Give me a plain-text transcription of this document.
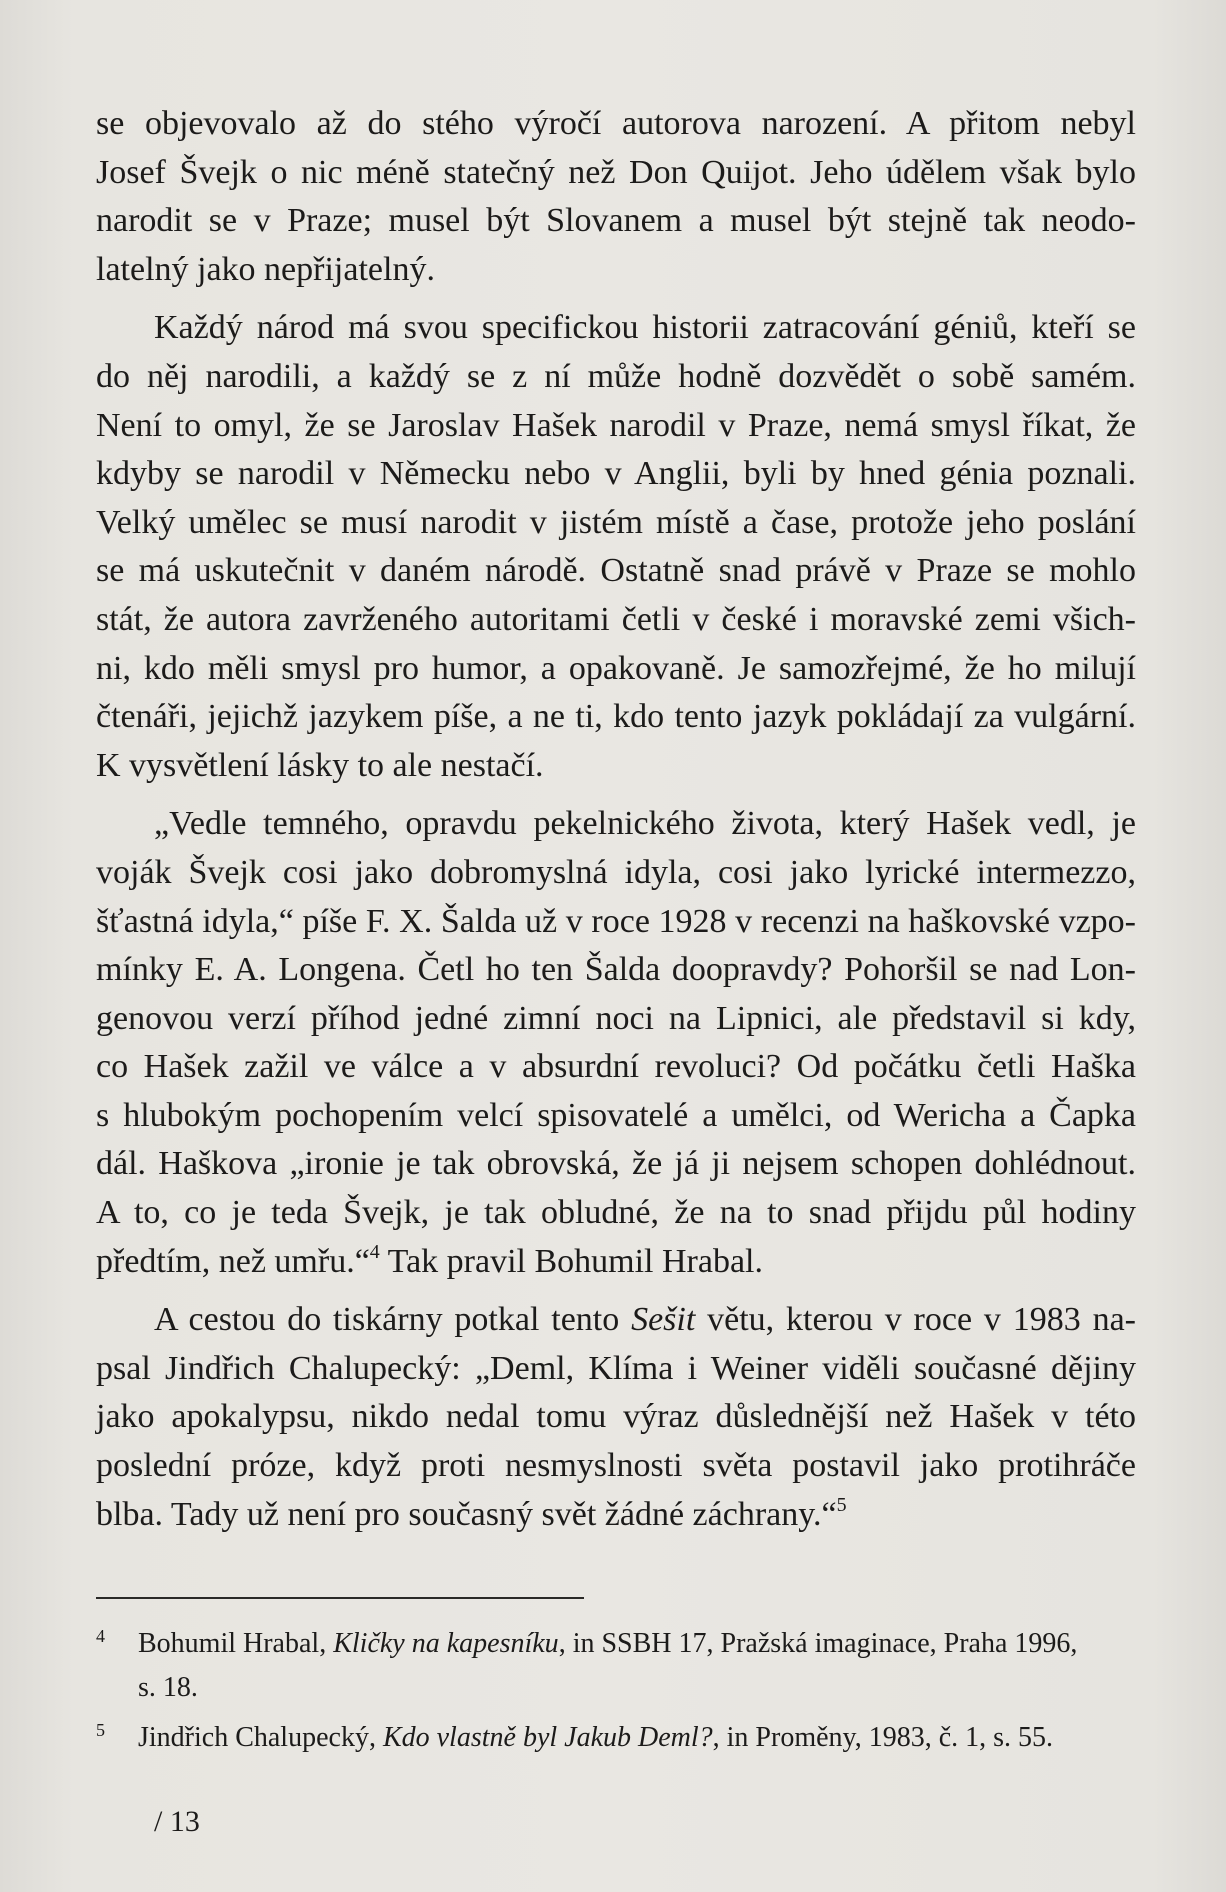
se objevovalo až do stého výročí autorova narození. A přitom nebyl
Josef Švejk o nic méně statečný než Don Quijot. Jeho údělem však bylo
narodit se v Praze; musel být Slovanem a musel být stejně tak neodo-
latelný jako nepřijatelný.

Každý národ má svou specifickou historii zatracování géniů, kteří se
do něj narodili, a každý se z ní může hodně dozvědět o sobě samém.
Není to omyl, že se Jaroslav Hašek narodil v Praze, nemá smysl říkat, že
kdyby se narodil v Německu nebo v Anglii, byli by hned génia poznali.
Velký umělec se musí narodit v jistém místě a čase, protože jeho poslání
se má uskutečnit v daném národě. Ostatně snad právě v Praze se mohlo
stát, že autora zavrženého autoritami četli v české i moravské zemi všich-
ni, kdo měli smysl pro humor, a opakovaně. Je samozřejmé, že ho milují
čtenáři, jejichž jazykem píše, a ne ti, kdo tento jazyk pokládají za vulgární.
K vysvětlení lásky to ale nestačí.

„Vedle temného, opravdu pekelnického života, který Hašek vedl, je
voják Švejk cosi jako dobromyslná idyla, cosi jako lyrické intermezzo,
šťastná idyla,“ píše F. X. Šalda už v roce 1928 v recenzi na haškovské vzpo-
mínky E. A. Longena. Četl ho ten Šalda doopravdy? Pohoršil se nad Lon-
genovou verzí příhod jedné zimní noci na Lipnici, ale představil si kdy,
co Hašek zažil ve válce a v absurdní revoluci? Od počátku četli Haška
s hlubokým pochopením velcí spisovatelé a umělci, od Wericha a Čapka
dál. Haškova „ironie je tak obrovská, že já ji nejsem schopen dohlédnout.
A to, co je teda Švejk, je tak obludné, že na to snad přijdu půl hodiny
předtím, než umřu.“$^4$ Tak pravil Bohumil Hrabal.

A cestou do tiskárny potkal tento Sešit větu, kterou v roce v 1983 na-
psal Jindřich Chalupecký: „Deml, Klíma i Weiner viděli současné dějiny
jako apokalypsu, nikdo nedal tomu výraz důslednější než Hašek v této
poslední próze, když proti nesmyslnosti světa postavil jako protihráče
blba. Tady už není pro současný svět žádné záchrany.“$^5$

4 Bohumil Hrabal, Kličky na kapesníku, in SSBH 17, Pražská imaginace, Praha 1996,
s. 18.

5 Jindřich Chalupecký, Kdo vlastně byl Jakub Deml?, in Proměny, 1983, č. 1, s. 55.

/ 13
